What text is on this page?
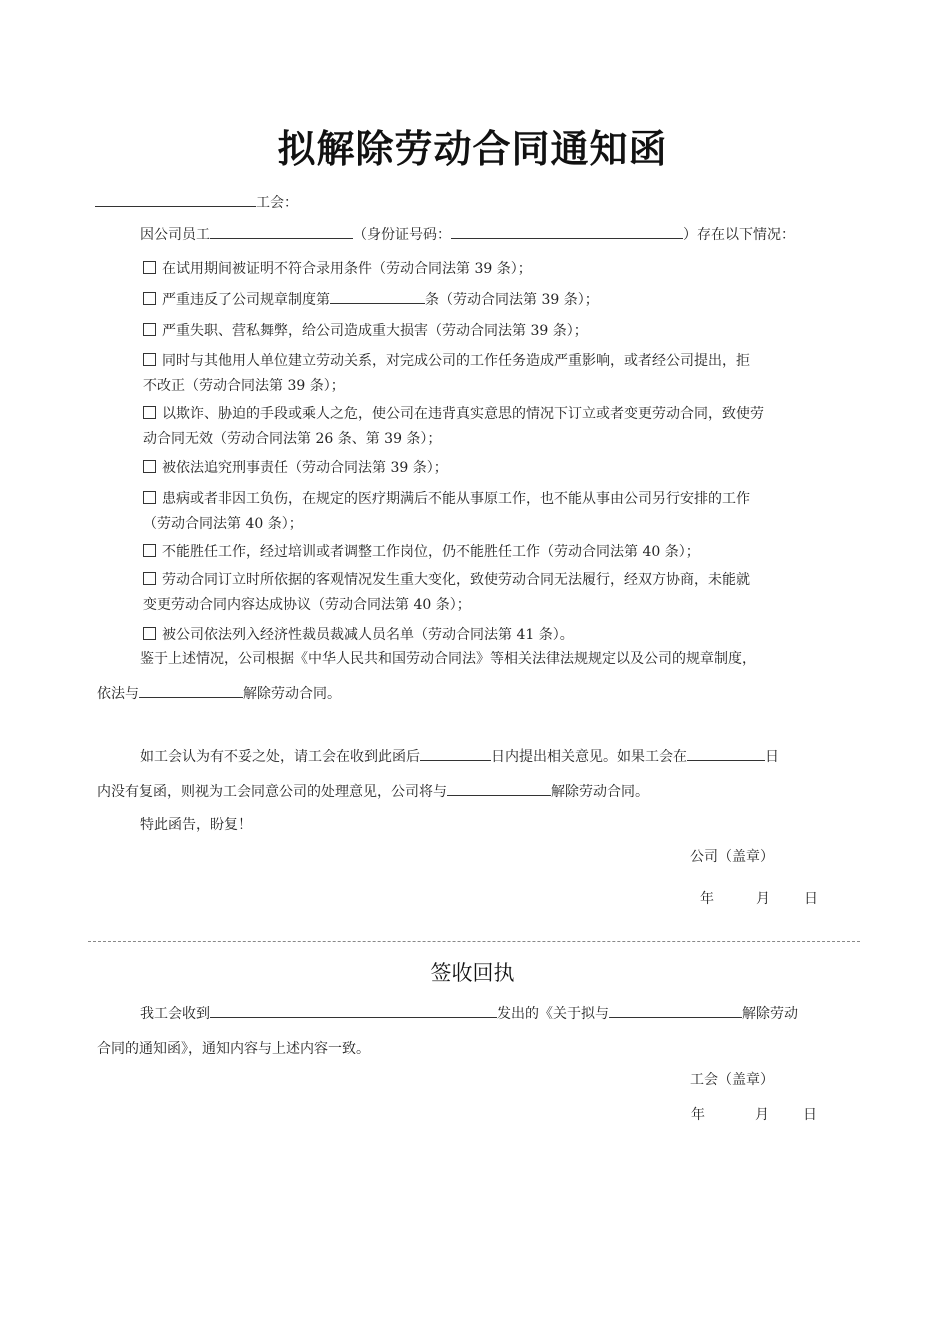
拟解除劳动合同通知函
工会：
因公司员工	（身份证号码：	）存在以下情况：
在试用期间被证明不符合录用条件（劳动合同法第 39 条）；
严重违反了公司规章制度第	条（劳动合同法第 39 条）；
严重失职、营私舞弊，给公司造成重大损害（劳动合同法第 39 条）；
同时与其他用人单位建立劳动关系，对完成公司的工作任务造成严重影响，或者经公司提出，拒
不改正（劳动合同法第 39 条）；
以欺诈、胁迫的手段或乘人之危，使公司在违背真实意思的情况下订立或者变更劳动合同，致使劳
动合同无效（劳动合同法第 26 条、第 39 条）；
被依法追究刑事责任（劳动合同法第 39 条）；
患病或者非因工负伤，在规定的医疗期满后不能从事原工作，也不能从事由公司另行安排的工作
（劳动合同法第 40 条）；
不能胜任工作，经过培训或者调整工作岗位，仍不能胜任工作（劳动合同法第 40 条）；
劳动合同订立时所依据的客观情况发生重大变化，致使劳动合同无法履行，经双方协商，未能就
变更劳动合同内容达成协议（劳动合同法第 40 条）；
被公司依法列入经济性裁员裁减人员名单（劳动合同法第 41 条）。
鉴于上述情况，公司根据《中华人民共和国劳动合同法》等相关法律法规规定以及公司的规章制度，
依法与	解除劳动合同。
如工会认为有不妥之处，请工会在收到此函后	日内提出相关意见。如果工会在	日
内没有复函，则视为工会同意公司的处理意见，公司将与	解除劳动合同。
特此函告，盼复！
公司（盖章）
年	月 日
签收回执
我工会收到	发出的《关于拟与	解除劳动
合同的通知函》，通知内容与上述内容一致。
工会（盖章）
年	月 日
